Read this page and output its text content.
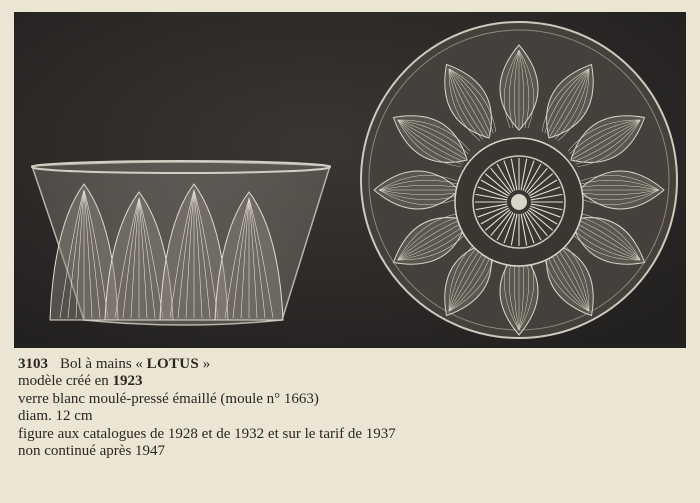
3103 Bol à mains « LOTUS »
modèle créé en 1923
verre blanc moulé-pressé émaillé (moule n° 1663)
diam. 12 cm
figure aux catalogues de 1928 et de 1932 et sur le tarif de 1937
non continué après 1947
